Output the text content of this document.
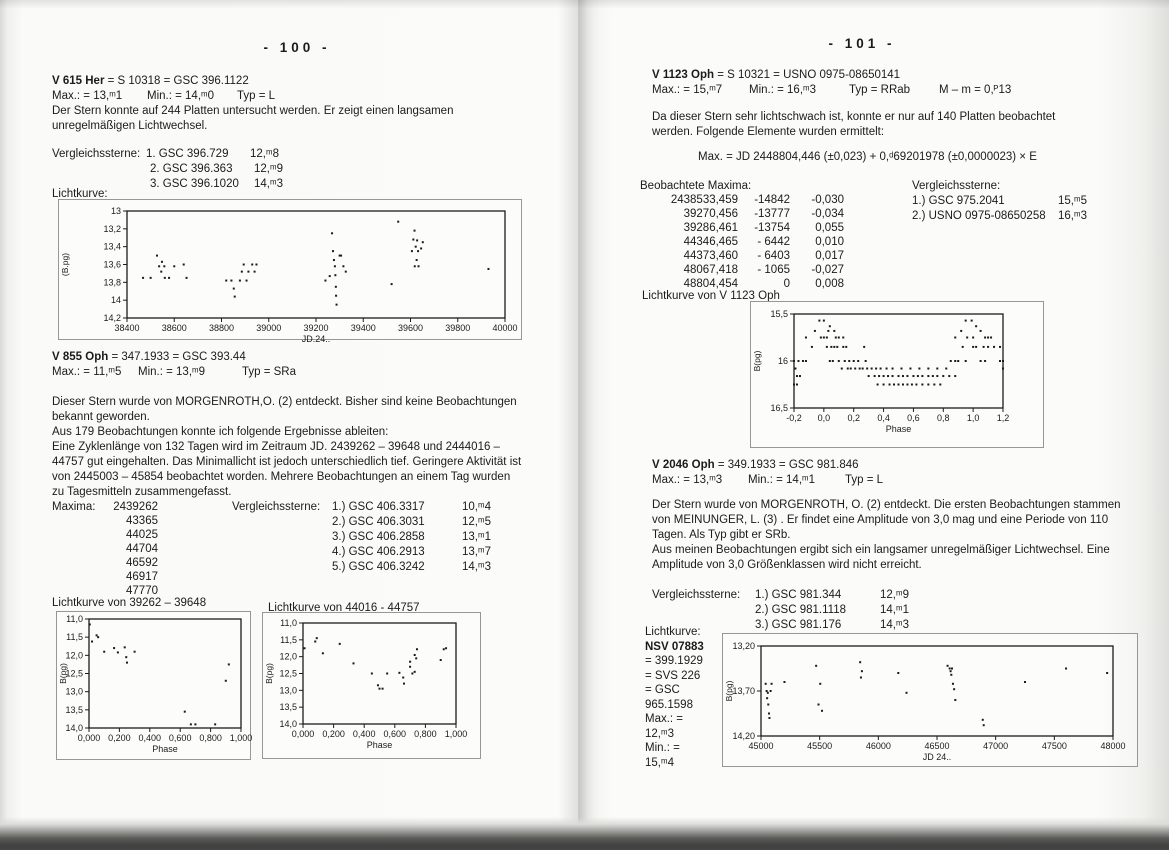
- 100 -
V 615 Her = S 10318 = GSC 396.1122

Max.: = 13,ᵐ1

Min.: = 14,ᵐ0

Typ = L

Der Stern konnte auf 244 Platten untersucht werden. Er zeigt einen langsamen
unregelmäßigen Lichtwechsel.
Vergleichssterne: 1. GSC 396.729 12,ᵐ8
2. GSC 396.363 12,ᵐ9
3. GSC 396.1020 14,ᵐ3
Lichtkurve:
13
13,2
13,4
13,6
13,8
14
14,2
38400 38600 38800 39000 39200 39400 39600 39800 40000
JD.24..
(B.pg)
V 855 Oph = 347.1933 = GSC 393.44

Max.: = 11,ᵐ5

Min.: = 13,ᵐ9

	Typ = SRa

Dieser Stern wurde von MORGENROTH,O. (2) entdeckt. Bisher sind keine Beobachtungen
bekannt geworden.
Aus 179 Beobachtungen konnte ich folgende Ergebnisse ableiten:
Eine Zyklenlänge von 132 Tagen wird im Zeitraum JD. 2439262 – 39648 und 2444016 –
44757 gut eingehalten. Das Minimallicht ist jedoch unterschiedlich tief. Geringere Aktivität ist
von 2445003 – 45854 beobachtet worden. Mehrere Beobachtungen an einem Tag wurden
zu Tagesmitteln zusammengefasst.
Maxima:	2439262
43365
44025
44704
46592
46917
47770
Vergleichssterne: 1.) GSC 406.3317	10,ᵐ4
2.) GSC 406.3031	12,ᵐ5
3.) GSC 406.2858	13,ᵐ1
4.) GSC 406.2913	13,ᵐ7
5.) GSC 406.3242	14,ᵐ3
Lichtkurve von 39262 – 39648	Lichtkurve von 44016 - 44757
11,0
11,5
12,0
12,5
13,0
13,5
14,0
0,000 0,200 0,400 0,600 0,800 1,000
Phase
B(pg)
11,0
11,5
12,0
12,5
13,0
13,5
14,0
0,000 0,200 0,400 0,600 0,800 1,000
Phase
B(pg)
- 101 -
V 1123 Oph = S 10321 = USNO 0975-08650141

Max.: = 15,ᵐ7

Min.: = 16,ᵐ3

	Typ = RRab

	M – m = 0,ᴾ13

Da dieser Stern sehr lichtschwach ist, konnte er nur auf 140 Platten beobachtet
werden. Folgende Elemente wurden ermittelt:
Max. = JD 2448804,446 (±0,023) + 0,ᵈ69201978 (±0,0000023) × E
Beobachtete Maxima:
2438533,459	-14842	-0,030
39270,456	-13777	-0,034
39286,461	-13754	0,055
44346,465	- 6442	0,010
44373,460	- 6403	0,017
48067,418	- 1065	-0,027
48804,454	0	0,008
Vergleichssterne:
1.) GSC 975.2041	15,ᵐ5
2.) USNO 0975-08650258 16,ᵐ3
Lichtkurve von V 1123 Oph
15,5
16
16,5
-0,2 0,0 0,2 0,4 0,6 0,8 1,0 1,2
Phase
B(pg)
V 2046 Oph = 349.1933 = GSC 981.846

Max.: = 13,ᵐ3

Min.: = 14,ᵐ1

	Typ = L

Der Stern wurde von MORGENROTH, O. (2) entdeckt. Die ersten Beobachtungen stammen
von MEINUNGER, L. (3) . Er findet eine Amplitude von 3,0 mag und eine Periode von 110
Tagen. Als Typ gibt er SRb.
Aus meinen Beobachtungen ergibt sich ein langsamer unregelmäßiger Lichtwechsel. Eine
Amplitude von 3,0 Größenklassen wird nicht erreicht.
Vergleichssterne: 1.) GSC 981.344	12,ᵐ9
2.) GSC 981.1118	14,ᵐ1
3.) GSC 981.176	14,ᵐ3
Lichtkurve:
NSV 07883
= 399.1929
= SVS 226
= GSC
965.1598
Max.: =
12,ᵐ3
Min.: =
15,ᵐ4
13,20
13,70
14,20
45000	45500	46000	46500	47000	47500	48000
JD 24..
B(pg)
